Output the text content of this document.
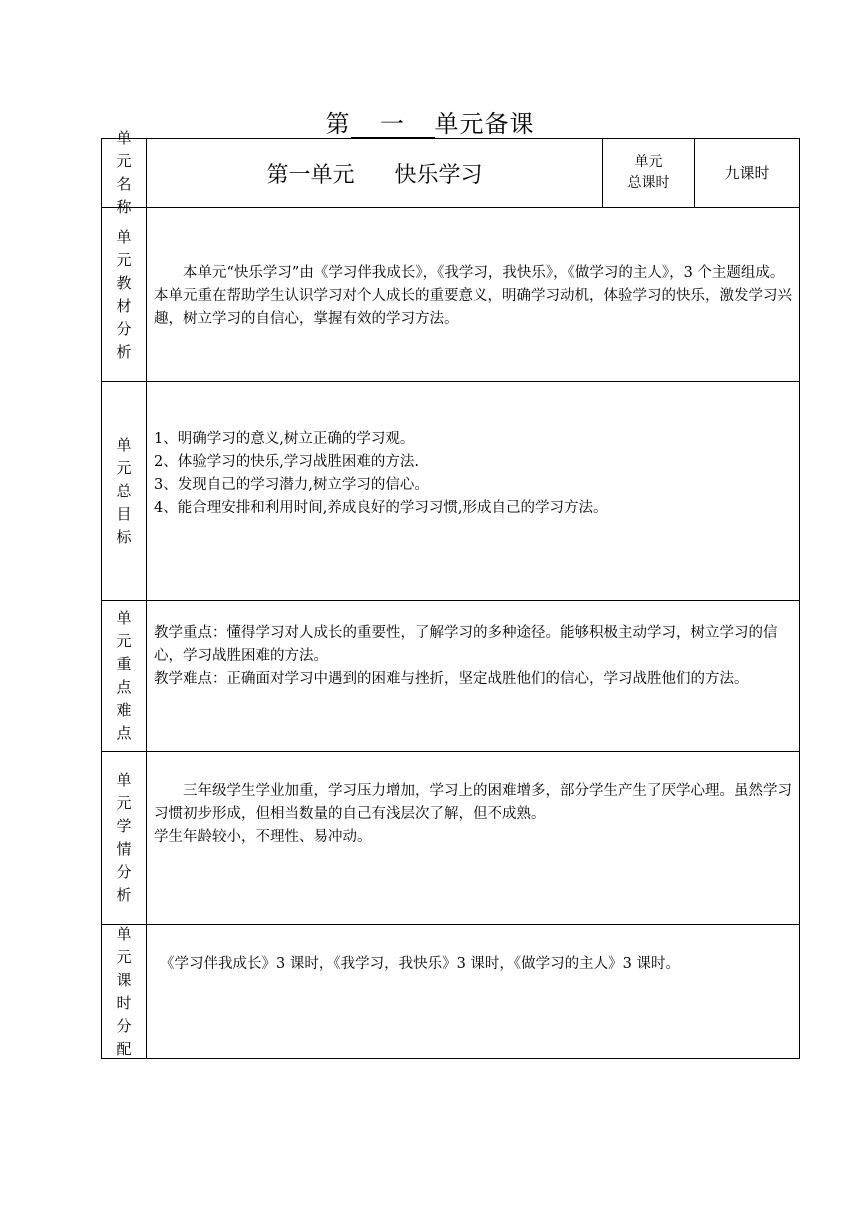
第 一 单元备课
单元名称
第一单元 快乐学习
单元
总课时
九课时
单元教材分析

本单元“快乐学习”由《学习伴我成长》，《我学习，我快乐》，《做学习的主人》，3 个主题组成。本单元重在帮助学生认识学习对个人成长的重要意义，明确学习动机，体验学习的快乐，激发学习兴趣，树立学习的自信心，掌握有效的学习方法。

单元总目标

1、明确学习的意义,树立正确的学习观。

2、体验学习的快乐,学习战胜困难的方法.

3、发现自己的学习潜力,树立学习的信心。

4、能合理安排和利用时间,养成良好的学习习惯,形成自己的学习方法。

单元重点难点

教学重点：懂得学习对人成长的重要性，了解学习的多种途径。能够积极主动学习，树立学习的信心，学习战胜困难的方法。

教学难点：正确面对学习中遇到的困难与挫折，坚定战胜他们的信心，学习战胜他们的方法。

单元学情分析

三年级学生学业加重，学习压力增加，学习上的困难增多，部分学生产生了厌学心理。虽然学习习惯初步形成，但相当数量的自己有浅层次了解，但不成熟。

学生年龄较小，不理性、易冲动。

单元课时分配

《学习伴我成长》3 课时，《我学习，我快乐》3 课时，《做学习的主人》3 课时。
